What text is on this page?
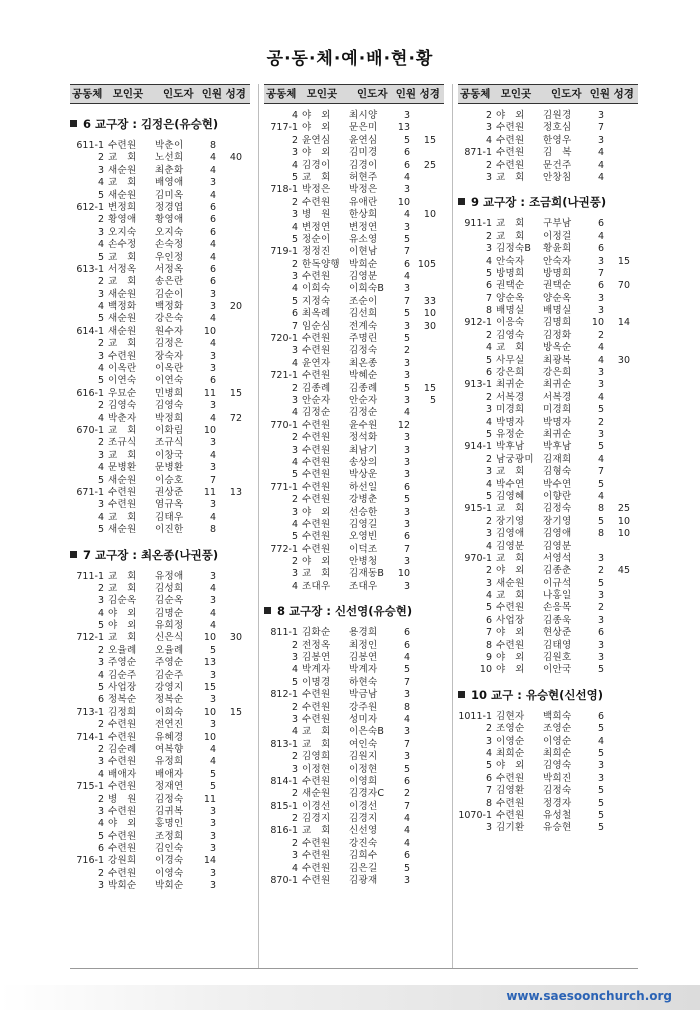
공·동·체·예·배·현·황
공동체 모인곳	인도자 인원 성경
6 교구장 : 김정은(유승현)
611-1 수련원	박춘이	8
2 교　회	노선희	4	40
3 새순원	최춘화	4
4 교　회	배영애	3
5 새순원	김미옥	4
612-1 변정희	정경엽	6
2 황영애	황영애	6
3 오지숙	오지숙	6
4 손수정	손숙정	4
5 교　회	우인정	4
613-1 서정옥	서정옥	6
2 교　회	송은란	6
3 새순원	김순이	3
4 백정화	백정화	3	20
5 새순원	강은숙	4
614-1 새순원	원수자	10
2 교　회	김정은	4
3 수련원	장숙자	3
4 이옥란	이옥란	3
5 이연숙	이연숙	6
616-1 우묘순	민병희	11	15
2 김영숙	김영숙	3
4 박춘자	박정희	4	72
670-1 교　회	이화림	10
2 조규식	조규식	3
3 교　회	이창국	4
4 문병환	문병환	3
5 새순원	이승호	7
671-1 수련원	권상준	11	13
3 수련원	염규옥	3
4 교　회	김태우	4
5 새순원	이진한	8
7 교구장 : 최온종(나권풍)
711-1 교　회	유정애	3
2 교　회	김성희	4
3 김순옥	김순옥	3
4 야　외	김명순	4
5 야　외	유희정	4
712-1 교　회	신은식	10	30
2 오율례	오율례	5
3 주영순	주영순	13
4 김순주	김순주	3
5 사업장	강영지	15
6 정복순	정복순	3
713-1 김정희	이희숙	10	15
2 수련원	전연진	3
714-1 수련원	유혜경	10
2 김순례	여복향	4
3 수련원	유정희	4
4 배애자	배애자	5
715-1 수련원	정재연	5
2 병　원	김정숙	11
3 수련원	김귀복	3
4 야　외	홍명인	3
5 수련원	조정희	3
6 수련원	김인숙	3
716-1 강원희	이경숙	14
2 수련원	이영숙	3
3 박회순	박회순	3
공동체 모인곳	인도자 인원 성경
4 야　외	최시양	3
717-1 야　외	문은미	13
2 윤연심	윤연심	5	15
3 야　외	김미경	6
4 김경이	김경이	6	25
5 교　회	허현주	4
718-1 박정은	박정은	3
2 수련원	유애란	10
3 병　원	한상희	4	10
4 변정연	변정연	3
5 정순이	유소영	5
719-1 정정진	이현남	7
2 한독양행 박희순	6 105
3 수련원	김영분	4
4 이희숙	이희숙B	3
5 지정숙	조순이	7	33
6 최옥례	김선희	5	10
7 임순심	전계숙	3	30
720-1 수련원	주명린	5
3 수련원	김정숙	2
4 윤연자	최온종	3
721-1 수련원	박혜순	3
2 김종례	김종례	5	15
3 안순자	안순자	3	5
4 김정순	김정순	4
770-1 수련원	윤수원	12
2 수련원	정석화	3
3 수련원	최남기	3
4 수련원	송상의	3
5 수련원	박상운	3
771-1 수련원	하선일	6
2 수련원	강병춘	5
3 야　외	선승한	3
4 수련원	김영길	3
5 수련원	오영빈	6
772-1 수련원	이덕조	7
2 야　외	안병청	3
3 교　회	김재동B	10
4 조대우	조대우	3
8 교구장 : 신선영(유승현)
811-1 김화순	용경희	6
2 전정옥	최정인	6
3 김봉연	김봉연	4
4 박계자	박계자	5
5 이명경	하현숙	7
812-1 수련원	박금남	3
2 수련원	강주원	8
3 수련원	성미자	4
4 교　회	이은숙B	3
813-1 교　회	여인숙	7
2 김영희	김원지	3
3 이정현	이정현	5
814-1 수련원	이영희	6
2 새순원	김경자C	2
815-1 이경선	이경선	7
2 김경지	김경지	4
816-1 교　회	신선영	4
2 수련원	강진숙	4
3 수련원	김희수	6
4 수련원	김은길	5
870-1 수련원	김광재	3
공동체 모인곳	인도자 인원 성경
2 야　외	김원경	3
3 수련원	정호심	7
4 수련원	한영우	3
871-1 수련원	김　복	4
2 수련원	문건주	4
3 교　회	안창침	4
9 교구장 : 조금희(나권풍)
911-1 교　회	구부남	6
2 교　회	이정걸	4
3 김정숙B	황윤희	6
4 안숙자	안숙자	3	15
5 방명희	방명희	7
6 권택순	권택순	6	70
7 양순옥	양순옥	3
8 배명실	배명실	3
912-1 이응숙	김명희	10	14
2 김영숙	김정화	2
4 교　회	방옥순	4
5 사무실	최광복	4	30
6 강은희	강은희	3
913-1 최귀순	최귀순	3
2 서복경	서복경	4
3 미경희	미경희	5
4 박명자	박명자	2
5 유정순	최귀순	3
914-1 박후남	박후남	5
2 남궁광미 김재희	4
3 교　회	김형숙	7
4 박수연	박수연	5
5 김영혜	이향란	4
915-1 교　회	김정숙	8	25
2 장기영	장기영	5	10
3 김영애	김영애	8	10
4 김영분	김영분
970-1 교　회	서영석	3
2 야　외	김종춘	2	45
3 새순원	이규석	5
4 교　회	나홍일	3
5 수련원	손응목	2
6 사업장	김종욱	3
7 야　외	현상준	6
8 수련원	김태영	3
9 야　외	김원호	3
10 야　외	이안국	5
10 교구 : 유승현(신선영)
1011-1 김현자	백희숙	6
2 조영순	조영순	5
3 이영순	이영순	4
4 최희순	최희순	5
5 야　외	김영숙	3
6 수련원	박희진	3
7 김영환	김정숙	5
8 수련원	정경자	5
1070-1 수련원	유성철	5
3 김기환	유승현	5
www.saesoonchurch.org
